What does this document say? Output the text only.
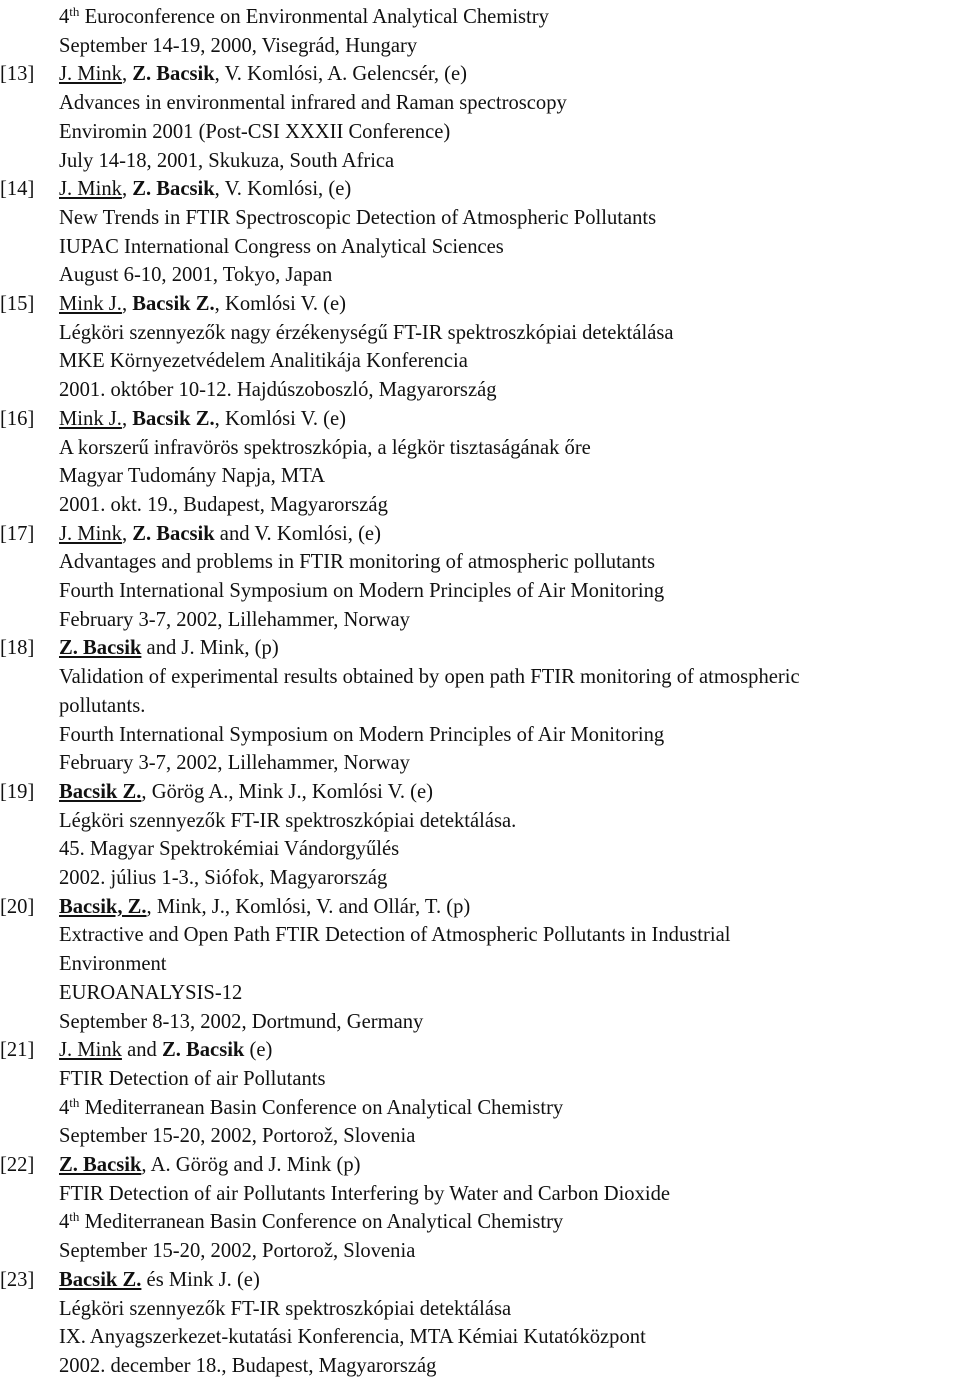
4th Euroconference on Environmental Analytical Chemistry
September 14-19, 2000, Visegrád, Hungary
[13] J. Mink, Z. Bacsik, V. Komlósi, A. Gelencsér, (e)
Advances in environmental infrared and Raman spectroscopy
Enviromin 2001 (Post-CSI XXXII Conference)
July 14-18, 2001, Skukuza, South Africa
[14] J. Mink, Z. Bacsik, V. Komlósi, (e)
New Trends in FTIR Spectroscopic Detection of Atmospheric Pollutants
IUPAC International Congress on Analytical Sciences
August 6-10, 2001, Tokyo, Japan
[15] Mink J., Bacsik Z., Komlósi V. (e)
Légköri szennyezők nagy érzékenységű FT-IR spektroszkópiai detektálása
MKE Környezetvédelem Analitikája Konferencia
2001. október 10-12. Hajdúszoboszló, Magyarország
[16] Mink J., Bacsik Z., Komlósi V. (e)
A korszerű infravörös spektroszkópia, a légkör tisztaságának őre
Magyar Tudomány Napja, MTA
2001. okt. 19., Budapest, Magyarország
[17] J. Mink, Z. Bacsik and V. Komlósi, (e)
Advantages and problems in FTIR monitoring of atmospheric pollutants
Fourth International Symposium on Modern Principles of Air Monitoring
February 3-7, 2002, Lillehammer, Norway
[18] Z. Bacsik and J. Mink, (p)
Validation of experimental results obtained by open path FTIR monitoring of atmospheric
pollutants.
Fourth International Symposium on Modern Principles of Air Monitoring
February 3-7, 2002, Lillehammer, Norway
[19] Bacsik Z., Görög A., Mink J., Komlósi V. (e)
Légköri szennyezők FT-IR spektroszkópiai detektálása.
45. Magyar Spektrokémiai Vándorgyűlés
2002. július 1-3., Siófok, Magyarország
[20] Bacsik, Z., Mink, J., Komlósi, V. and Ollár, T. (p)
Extractive and Open Path FTIR Detection of Atmospheric Pollutants in Industrial
Environment
EUROANALYSIS-12
September 8-13, 2002, Dortmund, Germany
[21] J. Mink and Z. Bacsik (e)
FTIR Detection of air Pollutants
4th Mediterranean Basin Conference on Analytical Chemistry
September 15-20, 2002, Portorož, Slovenia
[22] Z. Bacsik, A. Görög and J. Mink (p)
FTIR Detection of air Pollutants Interfering by Water and Carbon Dioxide
4th Mediterranean Basin Conference on Analytical Chemistry
September 15-20, 2002, Portorož, Slovenia
[23] Bacsik Z. és Mink J. (e)
Légköri szennyezők FT-IR spektroszkópiai detektálása
IX. Anyagszerkezet-kutatási Konferencia, MTA Kémiai Kutatóközpont
2002. december 18., Budapest, Magyarország
